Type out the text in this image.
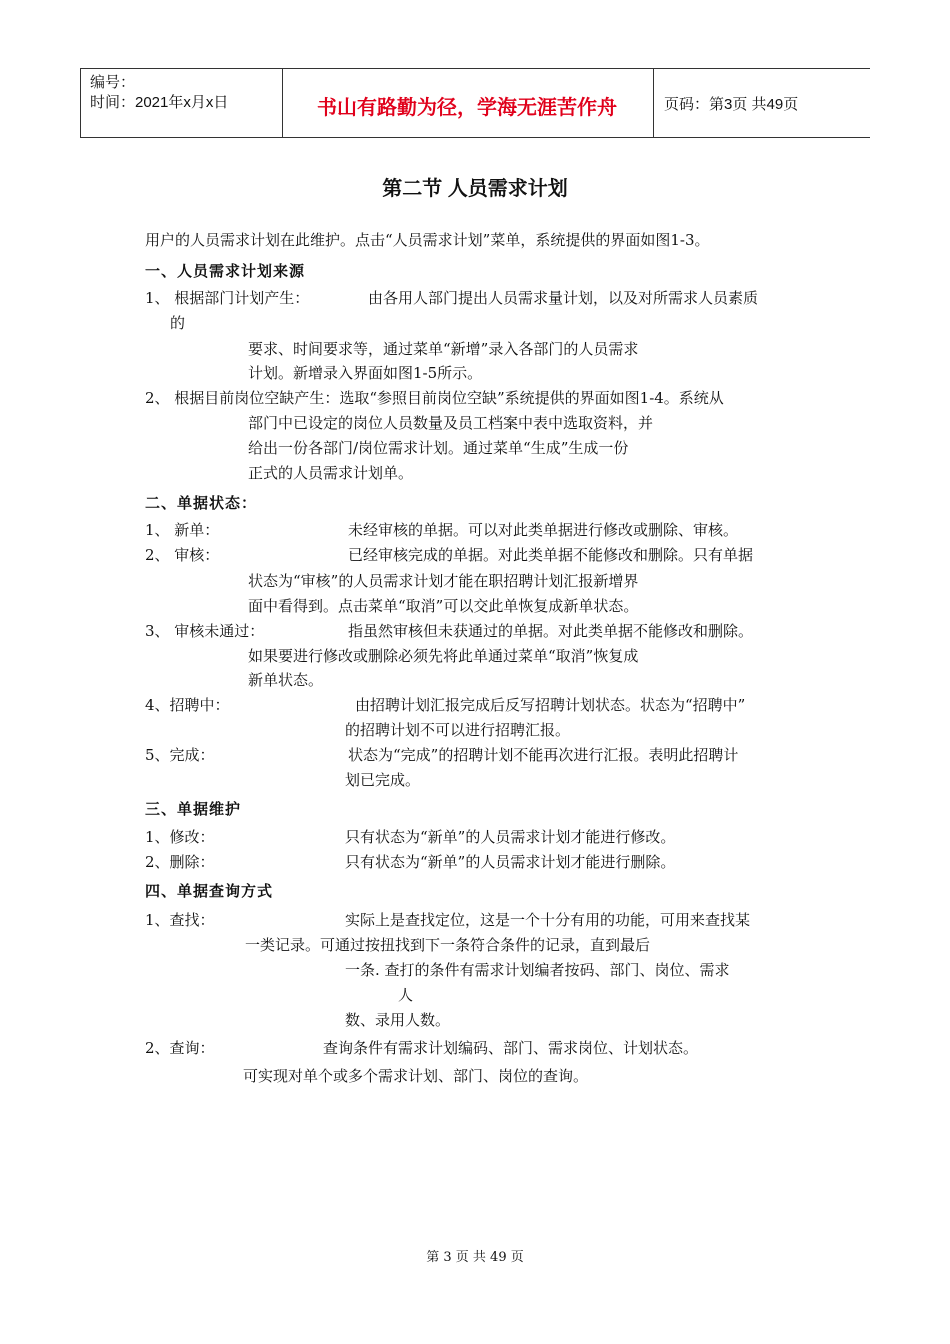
编号：
时间：2021年x月x日	书山有路勤为径，学海无涯苦作舟	页码：第3页 共49页
第二节 人员需求计划
用户的人员需求计划在此维护。点击“人员需求计划”菜单，系统提供的界面如图1-3。
一、人员需求计划来源
1、 根据部门计划产生：	由各用人部门提出人员需求量计划，以及对所需求人员素质
的
要求、时间要求等，通过菜单“新增”录入各部门的人员需求
计划。新增录入界面如图1-5所示。
2、 根据目前岗位空缺产生：选取“参照目前岗位空缺”系统提供的界面如图1-4。系统从
部门中已设定的岗位人员数量及员工档案中表中选取资料，并
给出一份各部门/岗位需求计划。通过菜单“生成”生成一份
正式的人员需求计划单。
二、单据状态：
1、 新单：	未经审核的单据。可以对此类单据进行修改或删除、审核。
2、 审核：	已经审核完成的单据。对此类单据不能修改和删除。只有单据
状态为“审核”的人员需求计划才能在职招聘计划汇报新增界
面中看得到。点击菜单“取消”可以交此单恢复成新单状态。
3、 审核未通过：	指虽然审核但未获通过的单据。对此类单据不能修改和删除。
如果要进行修改或删除必须先将此单通过菜单“取消”恢复成
新单状态。
4、招聘中：	由招聘计划汇报完成后反写招聘计划状态。状态为“招聘中”
的招聘计划不可以进行招聘汇报。
5、完成：	状态为“完成”的招聘计划不能再次进行汇报。表明此招聘计
划已完成。
三、单据维护
1、修改：	只有状态为“新单”的人员需求计划才能进行修改。
2、删除：	只有状态为“新单”的人员需求计划才能进行删除。
四、单据查询方式
1、查找：	实际上是查找定位，这是一个十分有用的功能，可用来查找某
一类记录。可通过按扭找到下一条符合条件的记录，直到最后
一条. 查打的条件有需求计划编者按码、部门、岗位、需求
人
数、录用人数。
2、查询：	查询条件有需求计划编码、部门、需求岗位、计划状态。
可实现对单个或多个需求计划、部门、岗位的查询。
第 3 页 共 49 页
